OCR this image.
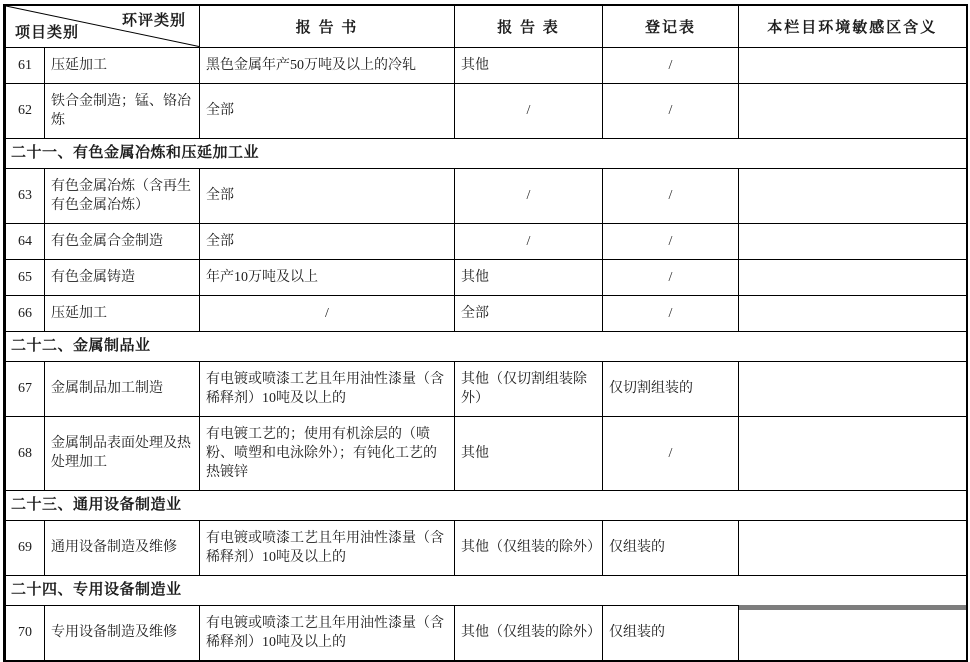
环评类别
项目类别		报 告 书	报 告 表	登记表	本栏目环境敏感区含义
61	压延加工	黑色金属年产50万吨及以上的冷轧	其他	/	
62	铁合金制造；锰、铬冶炼	全部	/	/	
二十一、有色金属冶炼和压延加工业					
63	有色金属冶炼（含再生有色金属冶炼）	全部	/	/	
64	有色金属合金制造	全部	/	/	
65	有色金属铸造	年产10万吨及以上	其他	/	
66	压延加工	/	全部	/	
二十二、金属制品业					
67	金属制品加工制造	有电镀或喷漆工艺且年用油性漆量（含稀释剂）10吨及以上的	其他（仅切割组装除外）	仅切割组装的	
68	金属制品表面处理及热处理加工	有电镀工艺的；使用有机涂层的（喷粉、喷塑和电泳除外）；有钝化工艺的热镀锌	其他	/	
二十三、通用设备制造业					
69	通用设备制造及维修	有电镀或喷漆工艺且年用油性漆量（含稀释剂）10吨及以上的	其他（仅组装的除外）	仅组装的	
二十四、专用设备制造业					
70	专用设备制造及维修	有电镀或喷漆工艺且年用油性漆量（含稀释剂）10吨及以上的	其他（仅组装的除外）	仅组装的	
